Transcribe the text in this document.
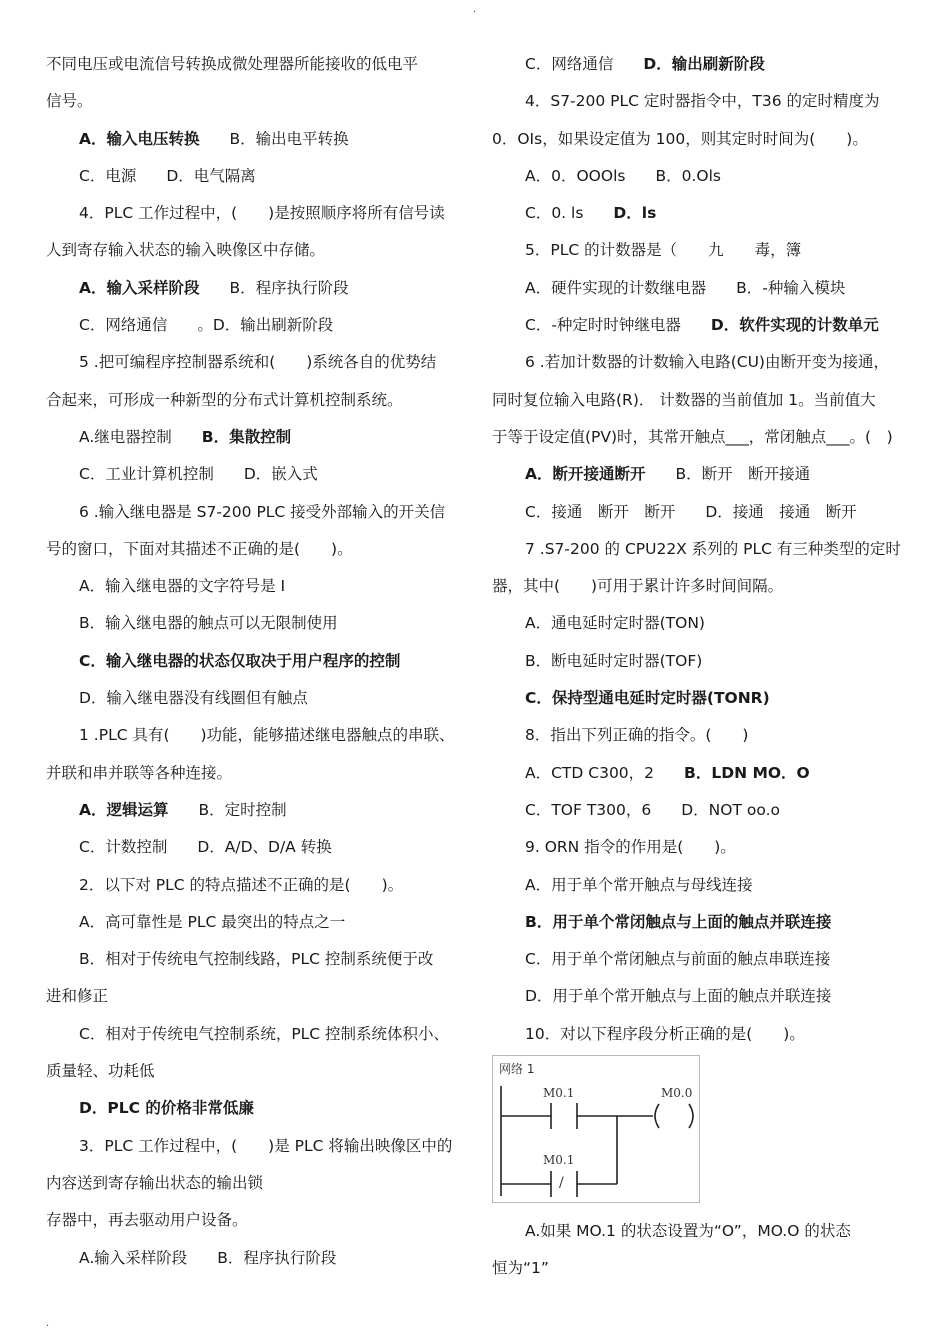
.
不同电压或电流信号转换成微处理器所能接收的低电平
信号。
A．输入电压转换 B．输出电平转换
C．电源 D．电气隔离
4．PLC 工作过程中，(　　)是按照顺序将所有信号读
人到寄存输入状态的输入映像区中存储。
A．输入采样阶段 B．程序执行阶段
C．网络通信 。D．输出刷新阶段
5 .把可编程序控制器系统和(　　)系统各自的优势结
合起来，可形成一种新型的分布式计算机控制系统。
A.继电器控制 B．集散控制
C．工业计算机控制 D．嵌入式
6 .输入继电器是 S7-200 PLC 接受外部输入的开关信
号的窗口，下面对其描述不正确的是(　　)。
A．输入继电器的文字符号是 I
B．输入继电器的触点可以无限制使用
C．输入继电器的状态仅取决于用户程序的控制
D．输入继电器没有线圈但有触点
1 .PLC 具有(　　)功能，能够描述继电器触点的串联、
并联和串并联等各种连接。
A．逻辑运算 B．定时控制
C．计数控制 D．A/D、D/A 转换
2．以下对 PLC 的特点描述不正确的是(　　)。
A．高可靠性是 PLC 最突出的特点之一
B．相对于传统电气控制线路，PLC 控制系统便于改
进和修正
C．相对于传统电气控制系统，PLC 控制系统体积小、
质量轻、功耗低
D．PLC 的价格非常低廉
3．PLC 工作过程中，(　　)是 PLC 将输出映像区中的
内容送到寄存输出状态的输出锁
存器中，再去驱动用户设备。
A.输入采样阶段 B．程序执行阶段
C．网络通信 D．输出刷新阶段
4．S7-200 PLC 定时器指令中，T36 的定时精度为
0．OIs，如果设定值为 100，则其定时时间为(　　)。
A．0．OOOls B．0.Ols
C．0. ls D．ls
5．PLC 的计数器是（　　九　　毒，簿
A．硬件实现的计数继电器 B．-种输入模块
C．-种定时时钟继电器 D．软件实现的计数单元
6 .若加计数器的计数输入电路(CU)由断开变为接通，
同时复位输入电路(R)． 计数器的当前值加 1。当前值大
于等于设定值(PV)时，其常开触点___，常闭触点___。(　)
A．断开接通断开 B．断开　断开接通
C．接通　断开　断开 D．接通　接通　断开
7 .S7-200 的 CPU22X 系列的 PLC 有三种类型的定时
器，其中(　　)可用于累计许多时间间隔。
A．通电延时定时器(TON)
B．断电延时定时器(TOF)
C．保持型通电延时定时器(TONR)
8．指出下列正确的指令。(　　)
A．CTD C300，2 B．LDN MO．O
C．TOF T300，6 D．NOT oo.o
9. ORN 指令的作用是(　　)。
A．用于单个常开触点与母线连接
B．用于单个常闭触点与上面的触点并联连接
C．用于单个常闭触点与前面的触点串联连接
D．用于单个常开触点与上面的触点并联连接
10．对以下程序段分析正确的是(　　)。
网络 1
M0.1	M0.0
M0.1
/
A.如果 MO.1 的状态设置为“O”，MO.O 的状态
恒为“1”
.
